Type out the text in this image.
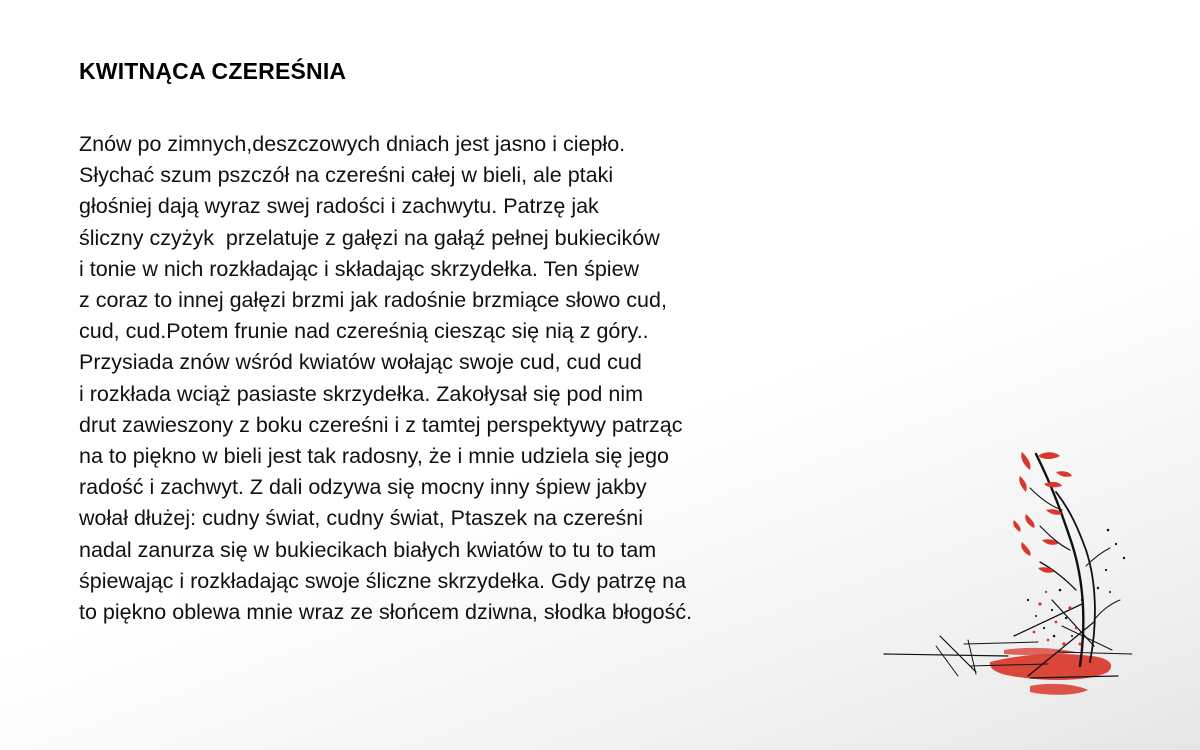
KWITNĄCA CZEREŚNIA
Znów po zimnych,deszczowych dniach jest jasno i ciepło.
Słychać szum pszczół na czereśni całej w bieli, ale ptaki
głośniej dają wyraz swej radości i zachwytu. Patrzę jak
śliczny czyżyk  przelatuje z gałęzi na gałąź pełnej bukiecików
i tonie w nich rozkładając i składając skrzydełka. Ten śpiew
z coraz to innej gałęzi brzmi jak radośnie brzmiące słowo cud,
cud, cud.Potem frunie nad czereśnią ciesząc się nią z góry..
Przysiada znów wśród kwiatów wołając swoje cud, cud cud
i rozkłada wciąż pasiaste skrzydełka. Zakołysał się pod nim
drut zawieszony z boku czereśni i z tamtej perspektywy patrząc
na to piękno w bieli jest tak radosny, że i mnie udziela się jego
radość i zachwyt. Z dali odzywa się mocny inny śpiew jakby
wołał dłużej: cudny świat, cudny świat, Ptaszek na czereśni
nadal zanurza się w bukiecikach białych kwiatów to tu to tam
śpiewając i rozkładając swoje śliczne skrzydełka. Gdy patrzę na
to piękno oblewa mnie wraz ze słońcem dziwna, słodka błogość.
